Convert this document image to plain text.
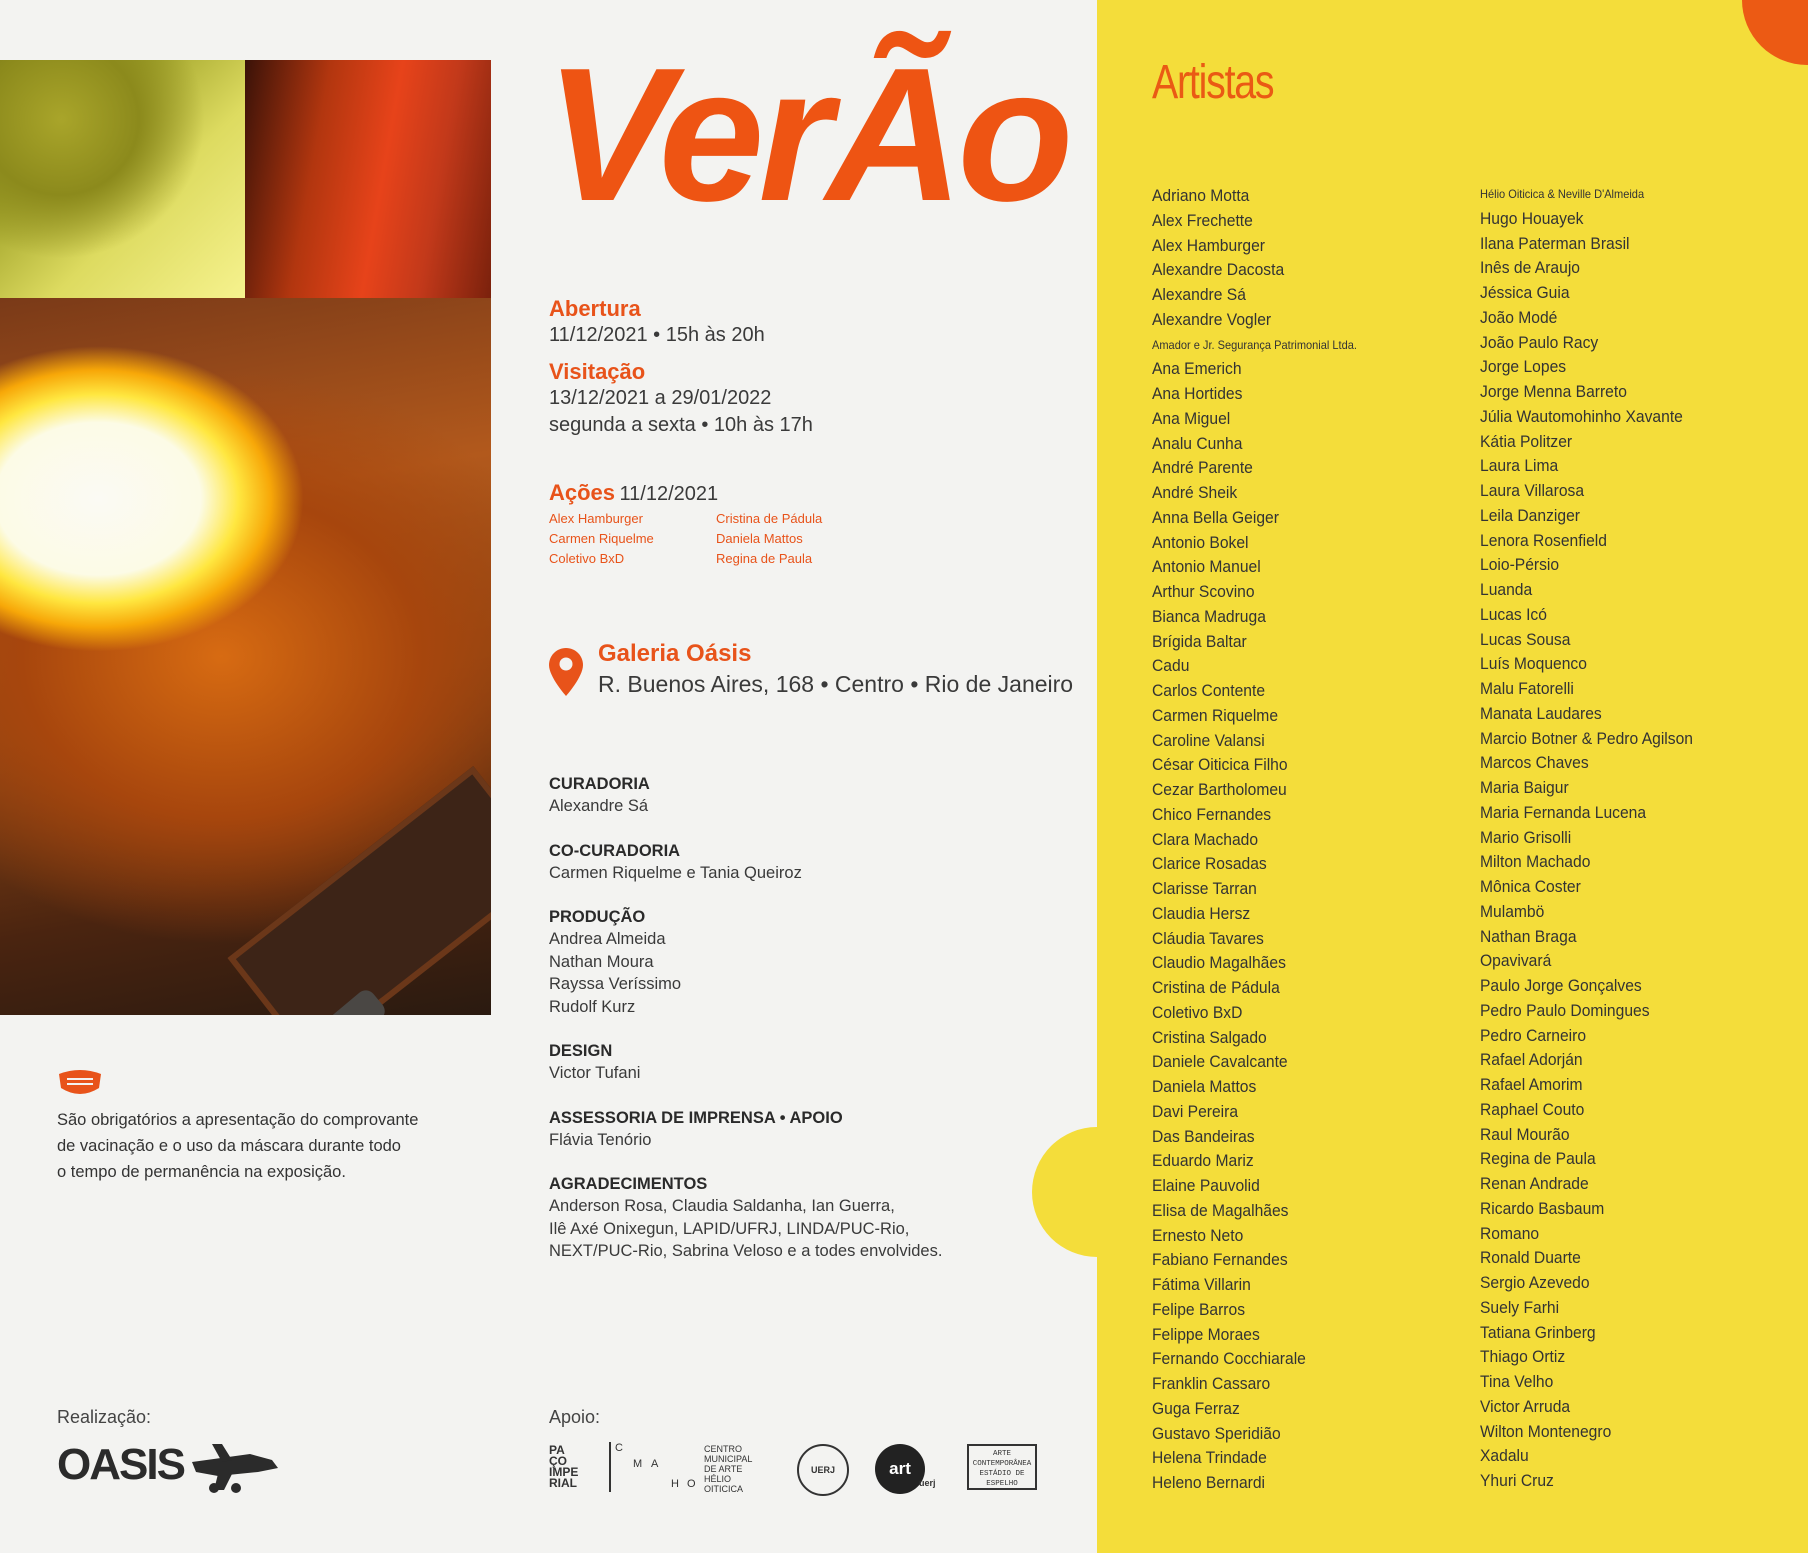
VerÃo
Abertura
11/12/2021 • 15h às 20h
Visitação
13/12/2021 a 29/01/2022
segunda a sexta • 10h às 17h
Ações 11/12/2021
Alex Hamburger	Cristina de Pádula
Carmen Riquelme	Daniela Mattos
Coletivo BxD	Regina de Paula
Galeria Oásis
R. Buenos Aires, 168 • Centro • Rio de Janeiro
CURADORIA
Alexandre Sá
CO-CURADORIA
Carmen Riquelme e Tania Queiroz
PRODUÇÃO
Andrea Almeida
Nathan Moura
Rayssa Veríssimo
Rudolf Kurz
DESIGN
Victor Tufani
ASSESSORIA DE IMPRENSA • APOIO
Flávia Tenório
AGRADECIMENTOS
Anderson Rosa, Claudia Saldanha, Ian Guerra,
Ilê Axé Onixegun, LAPID/UFRJ, LINDA/PUC-Rio,
NEXT/PUC-Rio, Sabrina Veloso e a todes envolvides.
São obrigatórios a apresentação do comprovante
de vacinação e o uso da máscara durante todo
o tempo de permanência na exposição.
Realização:
OASIS
Apoio:
PA
ÇO
IMPE
RIAL
C
M A
H O
CENTRO
MUNICIPAL
DE ARTE
HÉLIO
OITICICA
UERJ	art
uerj
ARTE CONTEMPORÂNEA
ESTÁDIO DE ESPELHO
Artistas
Adriano Motta
Alex Frechette
Alex Hamburger
Alexandre Dacosta
Alexandre Sá
Alexandre Vogler
Amador e Jr. Segurança Patrimonial Ltda.
Ana Emerich
Ana Hortides
Ana Miguel
Analu Cunha
André Parente
André Sheik
Anna Bella Geiger
Antonio Bokel
Antonio Manuel
Arthur Scovino
Bianca Madruga
Brígida Baltar
Cadu
Carlos Contente
Carmen Riquelme
Caroline Valansi
César Oiticica Filho
Cezar Bartholomeu
Chico Fernandes
Clara Machado
Clarice Rosadas
Clarisse Tarran
Claudia Hersz
Cláudia Tavares
Claudio Magalhães
Cristina de Pádula
Coletivo BxD
Cristina Salgado
Daniele Cavalcante
Daniela Mattos
Davi Pereira
Das Bandeiras
Eduardo Mariz
Elaine Pauvolid
Elisa de Magalhães
Ernesto Neto
Fabiano Fernandes
Fátima Villarin
Felipe Barros
Felippe Moraes
Fernando Cocchiarale
Franklin Cassaro
Guga Ferraz
Gustavo Speridião
Helena Trindade
Heleno Bernardi
Hélio Oiticica & Neville D'Almeida
Hugo Houayek
Ilana Paterman Brasil
Inês de Araujo
Jéssica Guia
João Modé
João Paulo Racy
Jorge Lopes
Jorge Menna Barreto
Júlia Wautomohinho Xavante
Kátia Politzer
Laura Lima
Laura Villarosa
Leila Danziger
Lenora Rosenfield
Loio-Pérsio
Luanda
Lucas Icó
Lucas Sousa
Luís Moquenco
Malu Fatorelli
Manata Laudares
Marcio Botner & Pedro Agilson
Marcos Chaves
Maria Baigur
Maria Fernanda Lucena
Mario Grisolli
Milton Machado
Mônica Coster
Mulambö
Nathan Braga
Opavivará
Paulo Jorge Gonçalves
Pedro Paulo Domingues
Pedro Carneiro
Rafael Adorján
Rafael Amorim
Raphael Couto
Raul Mourão
Regina de Paula
Renan Andrade
Ricardo Basbaum
Romano
Ronald Duarte
Sergio Azevedo
Suely Farhi
Tatiana Grinberg
Thiago Ortiz
Tina Velho
Victor Arruda
Wilton Montenegro
Xadalu
Yhuri Cruz
